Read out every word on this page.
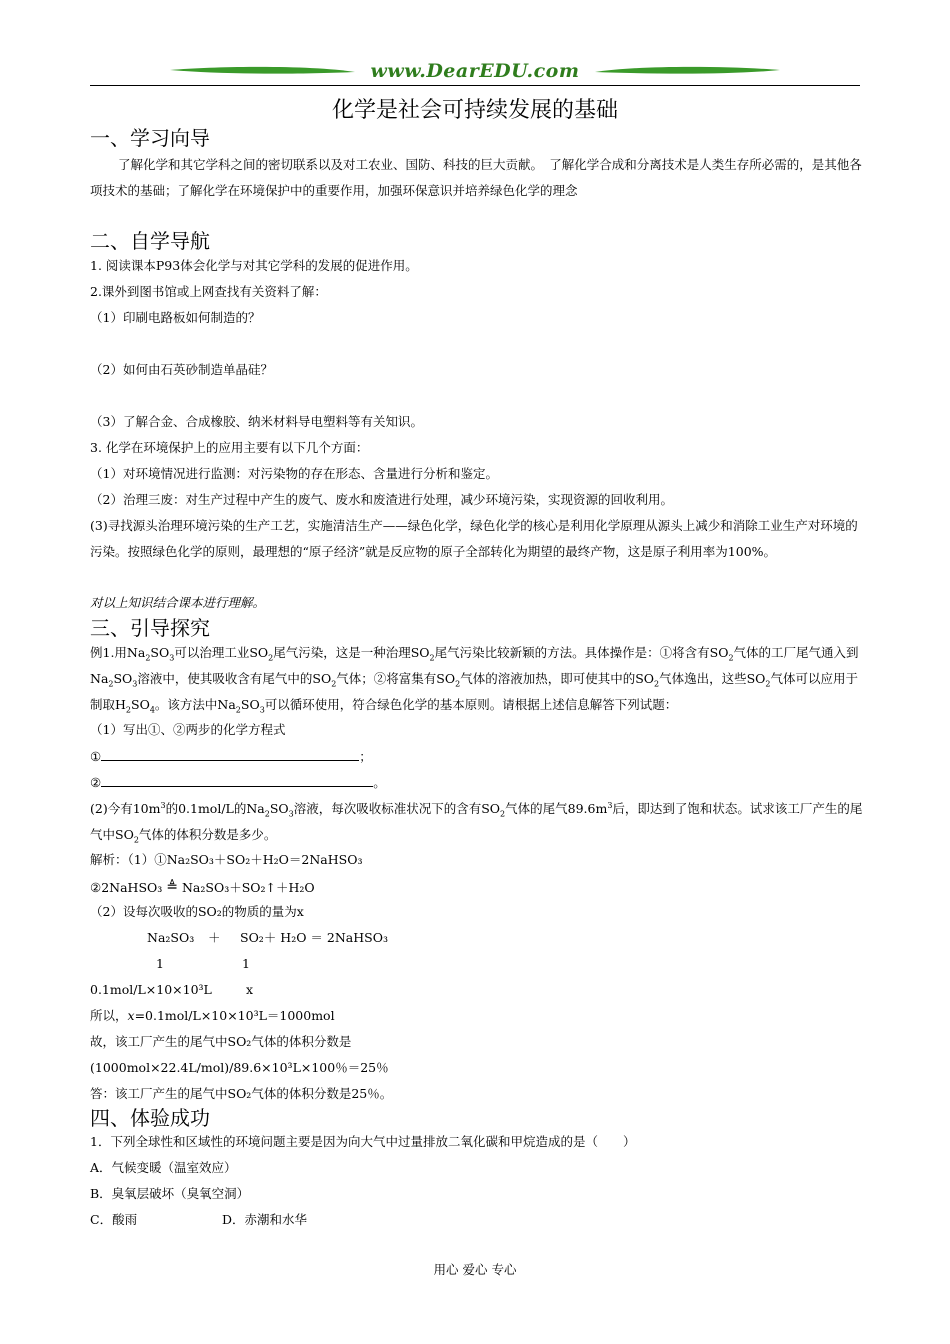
www.DearEDU.com
化学是社会可持续发展的基础
一、学习向导
了解化学和其它学科之间的密切联系以及对工农业、国防、科技的巨大贡献。　了解化学合成和分离技术是人类生存所必需的，是其他各项技术的基础；了解化学在环境保护中的重要作用，加强环保意识并培养绿色化学的理念
二、自学导航
1. 阅读课本P93体会化学与对其它学科的发展的促进作用。
2.课外到图书馆或上网查找有关资料了解：
（1）印刷电路板如何制造的？
（2）如何由石英砂制造单晶硅？
（3）了解合金、合成橡胶、纳米材料导电塑料等有关知识。
3. 化学在环境保护上的应用主要有以下几个方面：
（1）对环境情况进行监测：对污染物的存在形态、含量进行分析和鉴定。
（2）治理三废：对生产过程中产生的废气、废水和废渣进行处理，减少环境污染，实现资源的回收利用。
(3)寻找源头治理环境污染的生产工艺，实施清洁生产——绿色化学，绿色化学的核心是利用化学原理从源头上减少和消除工业生产对环境的污染。按照绿色化学的原则，最理想的“原子经济”就是反应物的原子全部转化为期望的最终产物，这是原子利用率为100%。
对以上知识结合课本进行理解。
三、引导探究
例1.用$Na_2SO_3$可以治理工业$SO_2$尾气污染，这是一种治理$SO_2$尾气污染比较新颖的方法。具体操作是：①将含有$SO_2$气体的工厂尾气通入到$Na_2SO_3$溶液中，使其吸收含有尾气中的$SO_2$气体；②将富集有$SO_2$气体的溶液加热，即可使其中的$SO_2$气体逸出，这些$SO_2$气体可以应用于制取$H_2SO_4$。该方法中$Na_2SO_3$可以循环使用，符合绿色化学的基本原则。请根据上述信息解答下列试题：
（1）写出①、②两步的化学方程式
①	；
②	。
(2)今有$10m^3$的0.1mol/L的$Na_2SO_3$溶液，每次吸收标准状况下的含有$SO_2$气体的尾气$89.6m^3$后，即达到了饱和状态。试求该工厂产生的尾气中$SO_2$气体的体积分数是多少。
解析：（1）①Na₂SO₃＋SO₂＋H₂O＝2NaHSO₃
②2NaHSO₃ ≜ Na₂SO₃＋SO₂↑＋H₂O
（2）设每次吸收的SO₂的物质的量为x
Na₂SO₃ ＋ SO₂＋ H₂O ＝ 2NaHSO₃
1	1
0.1mol/L×10×10³L	x
所以，x=0.1mol/L×10×10³L＝1000mol
故，该工厂产生的尾气中SO₂气体的体积分数是
(1000mol×22.4L/mol)/89.6×10³L×100％＝25％
答：该工厂产生的尾气中SO₂气体的体积分数是25％。
四、体验成功
1．下列全球性和区域性的环境问题主要是因为向大气中过量排放二氧化碳和甲烷造成的是（　　）
A．气候变暖（温室效应）
B．臭氧层破坏（臭氧空洞）
C．酸雨	D．赤潮和水华
用心 爱心 专心
